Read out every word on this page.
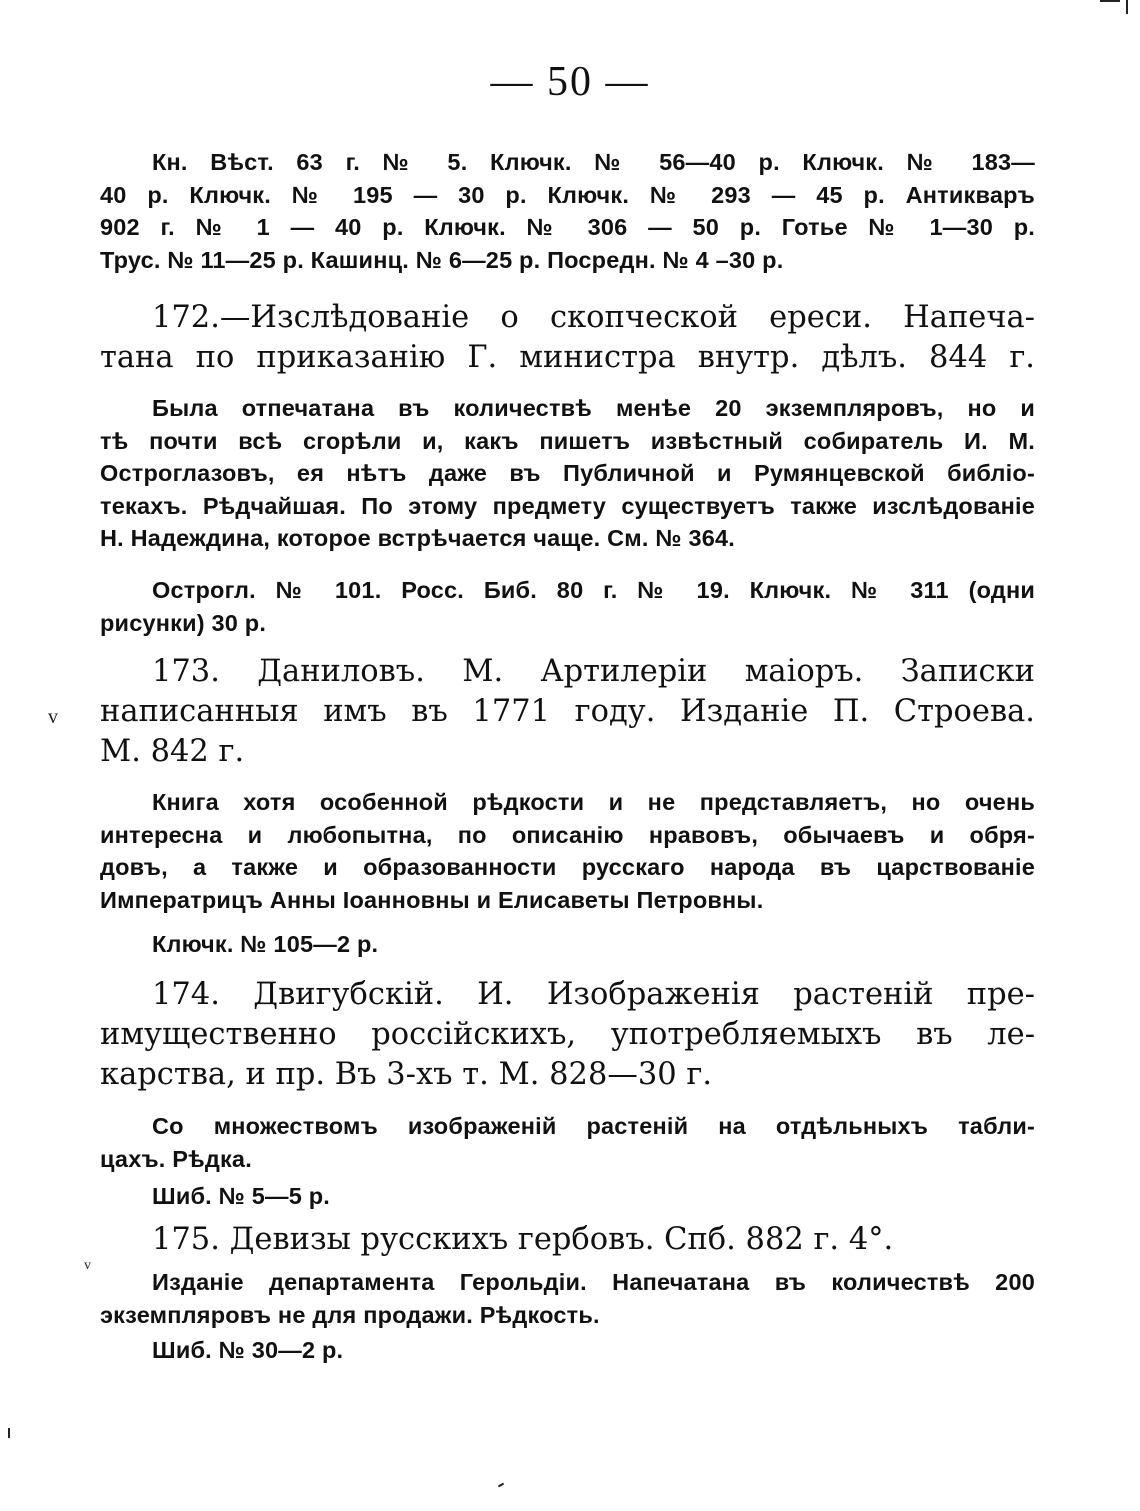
— 50 —
Кн. Вѣст. 63 г. № 5. Ключк. № 56—40 р. Ключк. № 183—
40 р. Ключк. № 195 — 30 р. Ключк. № 293 — 45 р. Антикваръ
902 г. № 1 — 40 р. Ключк. № 306 — 50 р. Готье № 1—30 р.
Трус. № 11—25 р. Кашинц. № 6—25 р. Посредн. № 4 –30 р.
172.—Изслѣдованіе о скопческой ереси. Напеча-
тана по приказанію Г. министра внутр. дѣлъ. 844 г.
Была отпечатана въ количествѣ менѣе 20 экземпляровъ, но и
тѣ почти всѣ сгорѣли и, какъ пишетъ извѣстный собиратель И. М.
Остроглазовъ, ея нѣтъ даже въ Публичной и Румянцевской библіо-
текахъ. Рѣдчайшая. По этому предмету существуетъ также изслѣдованіе
Н. Надеждина, которое встрѣчается чаще. См. № 364.
Острогл. № 101. Росс. Биб. 80 г. № 19. Ключк. № 311 (одни
рисунки) 30 р.
173. Даниловъ. М. Артилеріи маіоръ. Записки
написанныя имъ въ 1771 году. Изданіе П. Строева.
М. 842 г.
Книга хотя особенной рѣдкости и не представляетъ, но очень
интересна и любопытна, по описанію нравовъ, обычаевъ и обря-
довъ, а также и образованности русскаго народа въ царствованіе
Императрицъ Анны Іоанновны и Елисаветы Петровны.
Ключк. № 105—2 р.
174. Двигубскій. И. Изображенія растеній пре-
имущественно россійскихъ, употребляемыхъ въ ле-
карства, и пр. Въ 3-хъ т. М. 828—30 г.
Со множествомъ изображеній растеній на отдѣльныхъ табли-
цахъ. Рѣдка.
Шиб. № 5—5 р.
175. Девизы русскихъ гербовъ. Спб. 882 г. 4°.
Изданіе департамента Герольдіи. Напечатана въ количествѣ 200
экземпляровъ не для продажи. Рѣдкость.
Шиб. № 30—2 р.
v
v
